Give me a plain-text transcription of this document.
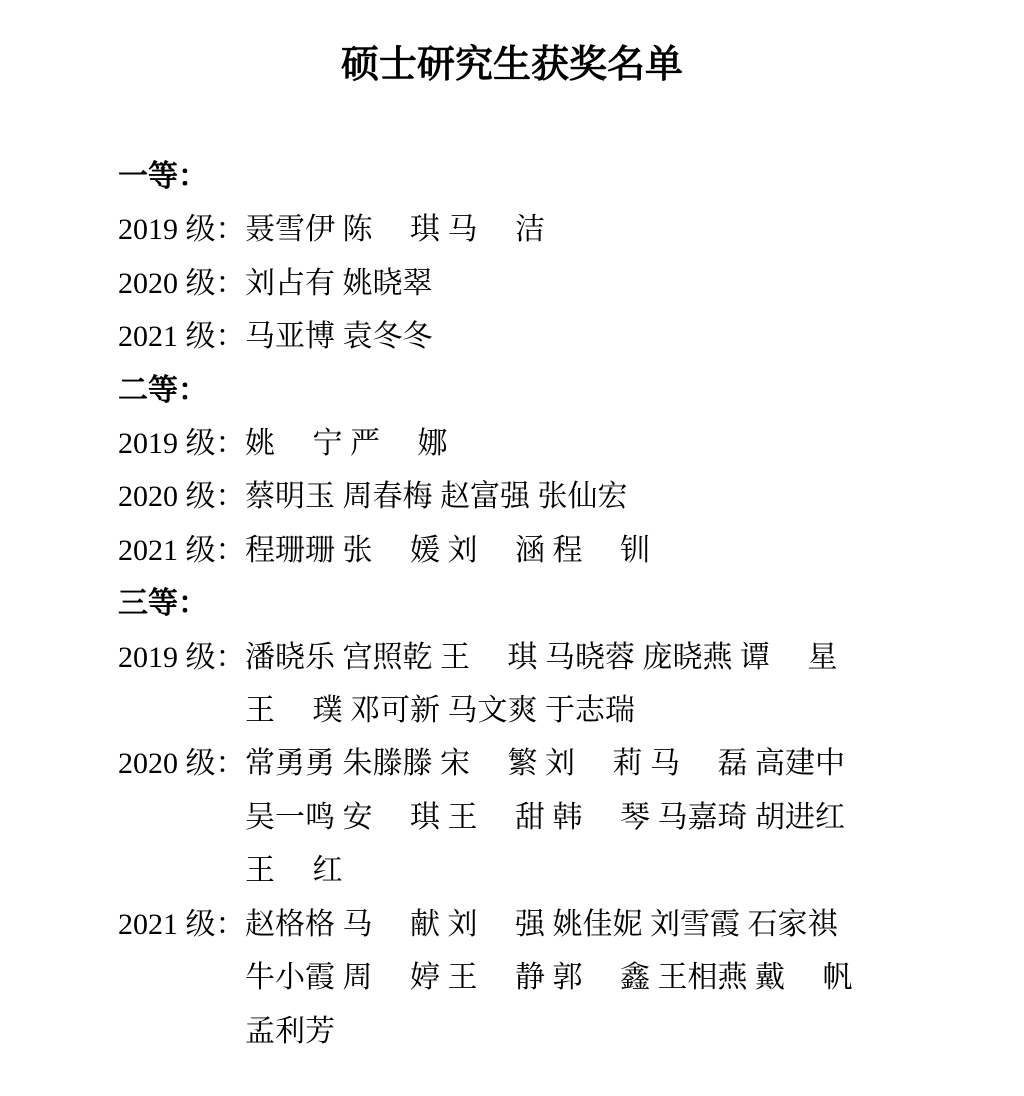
硕士研究生获奖名单
一等：
2019 级： 聂雪伊 陈　 琪 马　 洁
2020 级： 刘占有 姚晓翠
2021 级： 马亚博 袁冬冬
二等：
2019 级： 姚　 宁 严　 娜
2020 级： 蔡明玉 周春梅 赵富强 张仙宏
2021 级： 程珊珊 张　 媛 刘　 涵 程　 钏
三等：
2019 级： 潘晓乐 宫照乾 王　 琪 马晓蓉 庞晓燕 谭　 星
王　 璞 邓可新 马文爽 于志瑞
2020 级： 常勇勇 朱滕滕 宋　 繁 刘　 莉 马　 磊 高建中
吴一鸣 安　 琪 王　 甜 韩　 琴 马嘉琦 胡进红
王　 红
2021 级： 赵格格 马　 献 刘　 强 姚佳妮 刘雪霞 石家祺
牛小霞 周　 婷 王　 静 郭　 鑫 王相燕 戴　 帆
孟利芳
